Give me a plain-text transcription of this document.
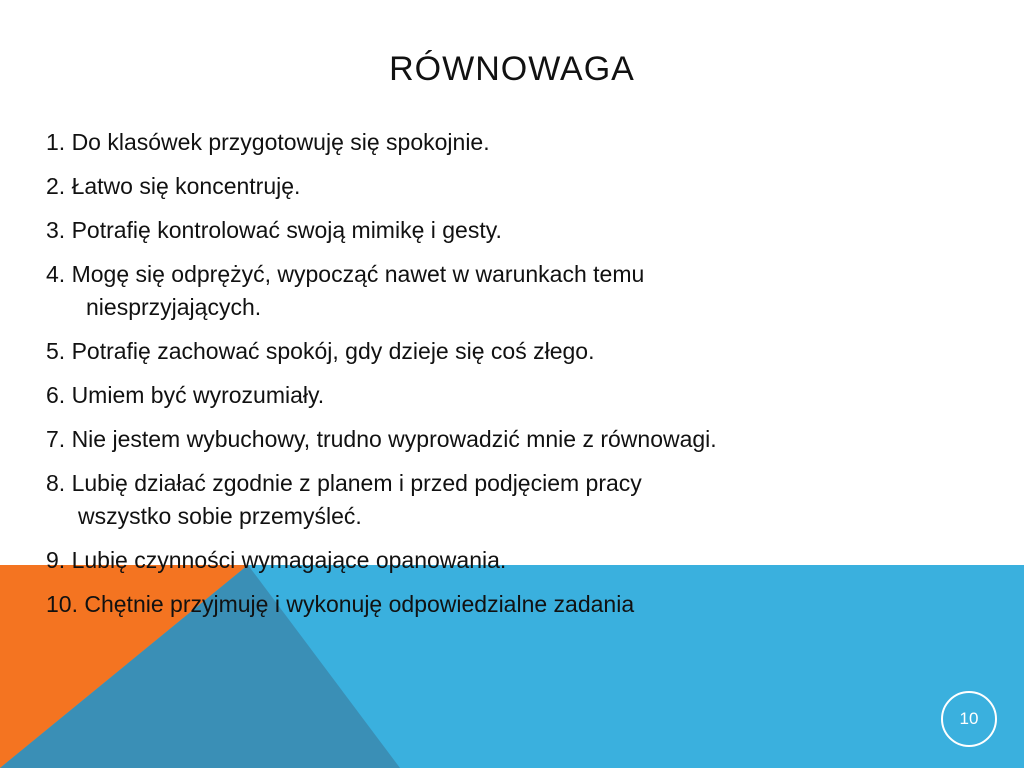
RÓWNOWAGA
1. Do klasówek przygotowuję się spokojnie.
2. Łatwo się koncentruję.
3. Potrafię kontrolować swoją mimikę i gesty.
4. Mogę się odprężyć, wypocząć nawet w warunkach temu
niesprzyjających.
5. Potrafię zachować spokój, gdy dzieje się coś złego.
6. Umiem być wyrozumiały.
7. Nie jestem wybuchowy, trudno wyprowadzić mnie z równowagi.
8. Lubię działać zgodnie z planem i przed podjęciem pracy
wszystko sobie przemyśleć.
9. Lubię czynności wymagające opanowania.
10. Chętnie przyjmuję i wykonuję odpowiedzialne zadania
10
